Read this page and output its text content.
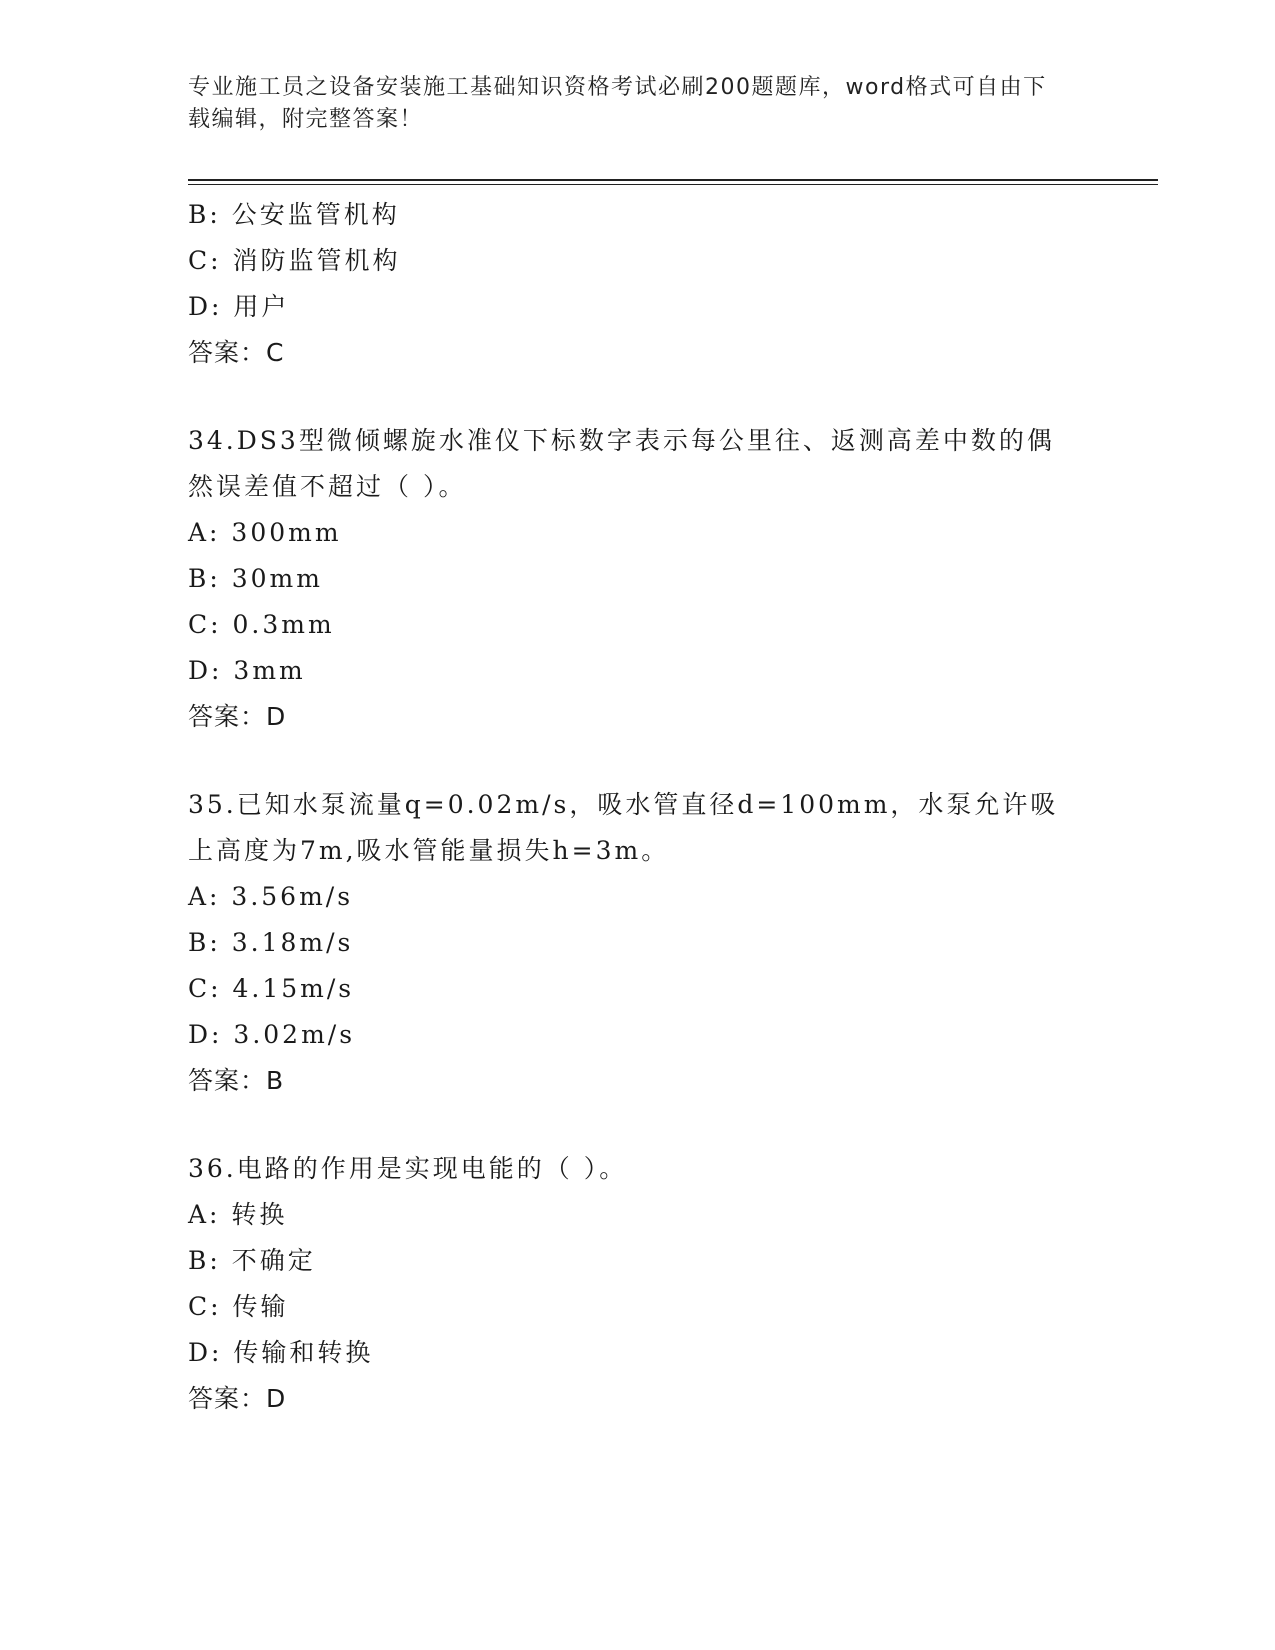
专业施工员之设备安装施工基础知识资格考试必刷200题题库，word格式可自由下载编辑，附完整答案！
B: 公安监管机构
C: 消防监管机构
D: 用户
答案：C
34.DS3型微倾螺旋水准仪下标数字表示每公里往、返测高差中数的偶然误差值不超过（ ）。
A: 300mm
B: 30mm
C: 0.3mm
D: 3mm
答案：D
35.已知水泵流量q=0.02m/s，吸水管直径d=100mm，水泵允许吸上高度为7m,吸水管能量损失h=3m。
A: 3.56m/s
B: 3.18m/s
C: 4.15m/s
D: 3.02m/s
答案：B
36.电路的作用是实现电能的（ ）。
A: 转换
B: 不确定
C: 传输
D: 传输和转换
答案：D
